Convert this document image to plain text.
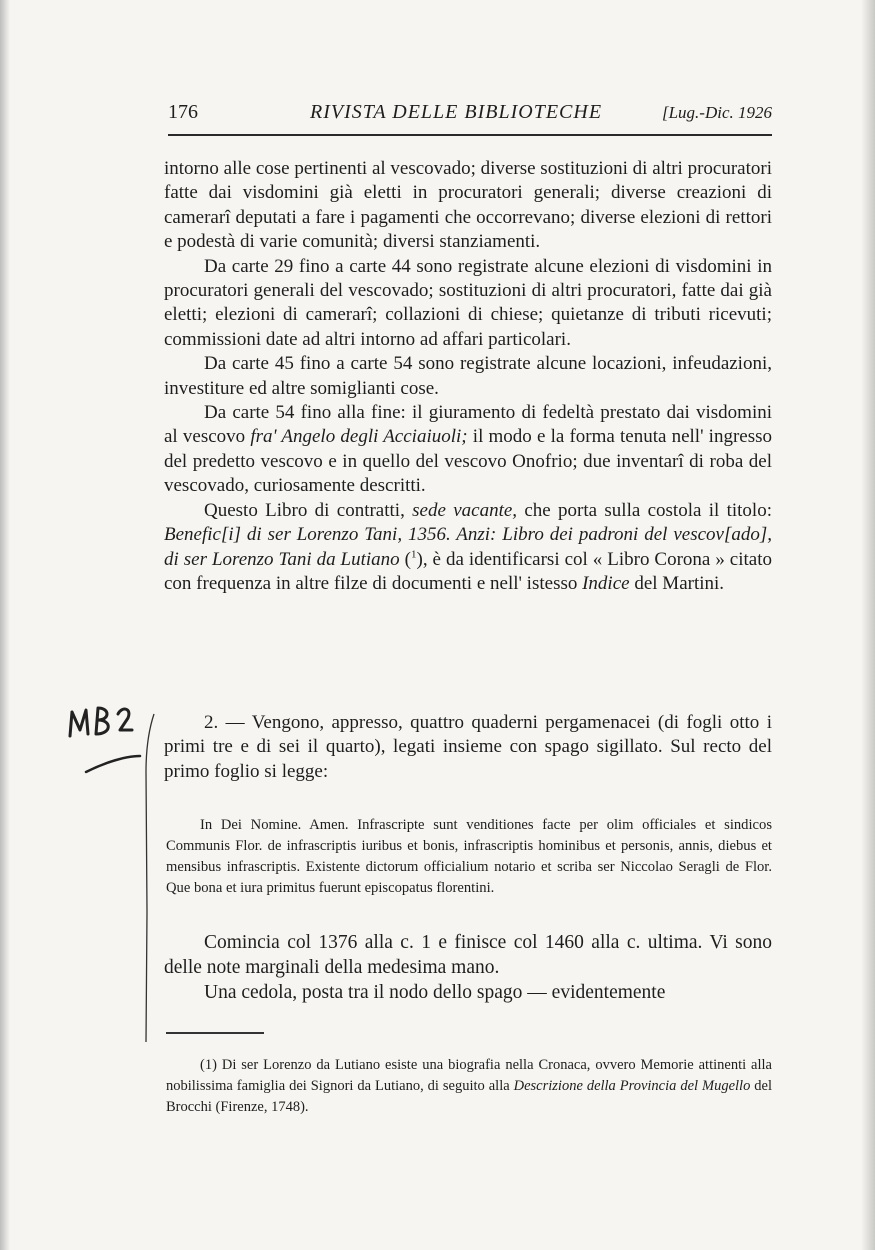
176	RIVISTA DELLE BIBLIOTECHE	[Lug.-Dic. 1926

intorno alle cose pertinenti al vescovado; diverse sostituzioni di altri procuratori fatte dai visdomini già eletti in procuratori generali; diverse creazioni di camerarî deputati a fare i pagamenti che occorrevano; diverse elezioni di rettori e podestà di varie comunità; diversi stanziamenti.

Da carte 29 fino a carte 44 sono registrate alcune elezioni di visdomini in procuratori generali del vescovado; sostituzioni di altri procuratori, fatte dai già eletti; elezioni di camerarî; collazioni di chiese; quietanze di tributi ricevuti; commissioni date ad altri intorno ad affari particolari.

Da carte 45 fino a carte 54 sono registrate alcune locazioni, infeudazioni, investiture ed altre somiglianti cose.

Da carte 54 fino alla fine: il giuramento di fedeltà prestato dai visdomini al vescovo fra' Angelo degli Acciaiuoli; il modo e la forma tenuta nell' ingresso del predetto vescovo e in quello del vescovo Onofrio; due inventarî di roba del vescovado, curiosamente descritti.

Questo Libro di contratti, sede vacante, che porta sulla costola il titolo: Benefic[i] di ser Lorenzo Tani, 1356. Anzi: Libro dei padroni del vescov[ado], di ser Lorenzo Tani da Lutiano ($^1$), è da identificarsi col « Libro Corona » citato con frequenza in altre filze di documenti e nell' istesso Indice del Martini.

2. — Vengono, appresso, quattro quaderni pergamenacei (di fogli otto i primi tre e di sei il quarto), legati insieme con spago sigillato. Sul recto del primo foglio si legge:

In Dei Nomine. Amen. Infrascripte sunt venditiones facte per olim officiales et sindicos Communis Flor. de infrascriptis iuribus et bonis, infrascriptis hominibus et personis, annis, diebus et mensibus infrascriptis. Existente dictorum officialium notario et scriba ser Niccolao Seragli de Flor. Que bona et iura primitus fuerunt episcopatus florentini.

Comincia col 1376 alla c. 1 e finisce col 1460 alla c. ultima. Vi sono delle note marginali della medesima mano.

Una cedola, posta tra il nodo dello spago — evidentemente

(1) Di ser Lorenzo da Lutiano esiste una biografia nella Cronaca, ovvero Memorie attinenti alla nobilissima famiglia dei Signori da Lutiano, di seguito alla Descrizione della Provincia del Mugello del Brocchi (Firenze, 1748).
